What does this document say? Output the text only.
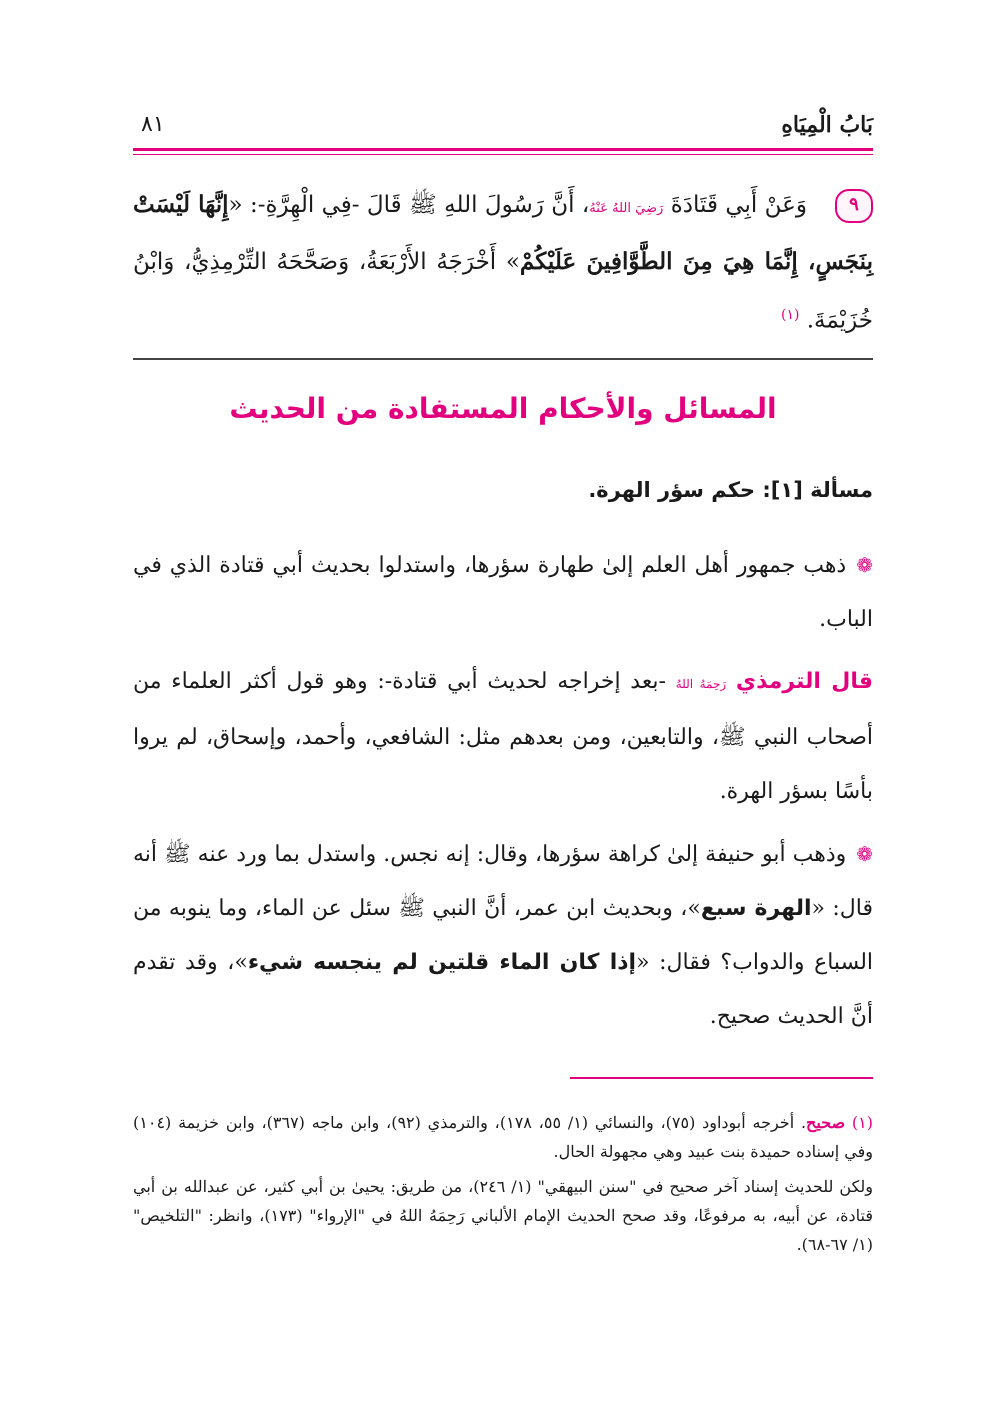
بَابُ الْمِيَاهِ
٨١
٩وَعَنْ أَبِي قَتَادَةَ رَضِيَ اللهُ عَنْهُ، أَنَّ رَسُولَ اللهِ ﷺ قَالَ -فِي الْهِرَّةِ-: «إِنَّهَا لَيْسَتْ بِنَجَسٍ، إِنَّمَا هِيَ مِنَ الطَّوَّافِينَ عَلَيْكُمْ» أَخْرَجَهُ الأَرْبَعَةُ، وَصَحَّحَهُ التِّرْمِذِيُّ، وَابْنُ خُزَيْمَةَ. $^{(١)}$
المسائل والأحكام المستفادة من الحديث
مسألة [١]: حكم سؤر الهرة.

❁ذهب جمهور أهل العلم إلىٰ طهارة سؤرها، واستدلوا بحديث أبي قتادة الذي في الباب.

قال الترمذي رَحِمَهُ اللهُ -بعد إخراجه لحديث أبي قتادة-: وهو قول أكثر العلماء من أصحاب النبي ﷺ، والتابعين، ومن بعدهم مثل: الشافعي، وأحمد، وإسحاق، لم يروا بأسًا بسؤر الهرة.

❁وذهب أبو حنيفة إلىٰ كراهة سؤرها، وقال: إنه نجس. واستدل بما ورد عنه ﷺ أنه قال: «الهرة سبع»، وبحديث ابن عمر، أنَّ النبي ﷺ سئل عن الماء، وما ينوبه من السباع والدواب؟ فقال: «إذا كان الماء قلتين لم ينجسه شيء»، وقد تقدم أنَّ الحديث صحيح.

(١) صحيح. أخرجه أبوداود (٧٥)، والنسائي (١/ ٥٥، ١٧٨)، والترمذي (٩٢)، وابن ماجه (٣٦٧)، وابن خزيمة (١٠٤) وفي إسناده حميدة بنت عبيد وهي مجهولة الحال.

ولكن للحديث إسناد آخر صحيح في "سنن البيهقي" (١/ ٢٤٦)، من طريق: يحيىٰ بن أبي كثير، عن عبدالله بن أبي قتادة، عن أبيه، به مرفوعًا، وقد صحح الحديث الإمام الألباني رَحِمَهُ اللهُ في "الإرواء" (١٧٣)، وانظر: "التلخيص" (١/ ٦٧-٦٨).
